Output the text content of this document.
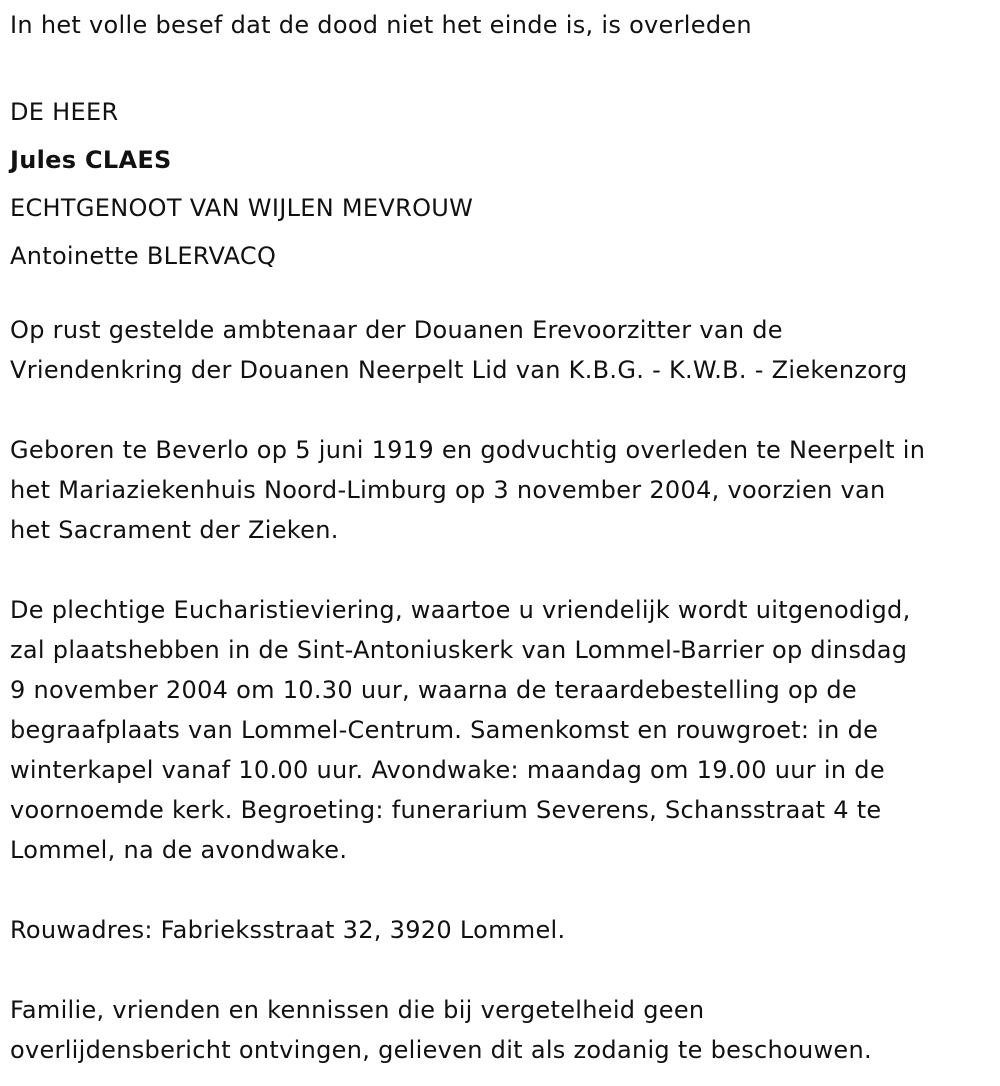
In het volle besef dat de dood niet het einde is, is overleden
DE HEER
Jules CLAES
ECHTGENOOT VAN WIJLEN MEVROUW
Antoinette BLERVACQ
Op rust gestelde ambtenaar der Douanen Erevoorzitter van de
Vriendenkring der Douanen Neerpelt Lid van K.B.G. - K.W.B. - Ziekenzorg
Geboren te Beverlo op 5 juni 1919 en godvuchtig overleden te Neerpelt in
het Mariaziekenhuis Noord-Limburg op 3 november 2004, voorzien van
het Sacrament der Zieken.
De plechtige Eucharistieviering, waartoe u vriendelijk wordt uitgenodigd,
zal plaatshebben in de Sint-Antoniuskerk van Lommel-Barrier op dinsdag
9 november 2004 om 10.30 uur, waarna de teraardebestelling op de
begraafplaats van Lommel-Centrum. Samenkomst en rouwgroet: in de
winterkapel vanaf 10.00 uur. Avondwake: maandag om 19.00 uur in de
voornoemde kerk. Begroeting: funerarium Severens, Schansstraat 4 te
Lommel, na de avondwake.
Rouwadres: Fabrieksstraat 32, 3920 Lommel.
Familie, vrienden en kennissen die bij vergetelheid geen
overlijdensbericht ontvingen, gelieven dit als zodanig te beschouwen.
